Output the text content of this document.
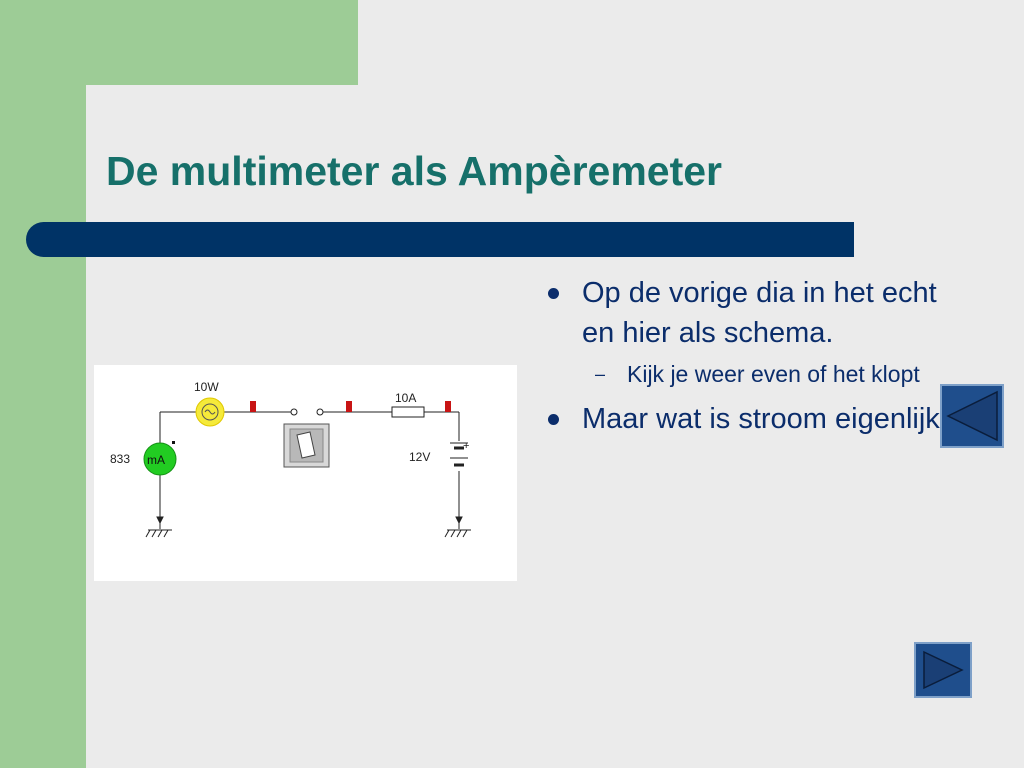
De multimeter als Ampèremeter
10W
10A
mA
833
+
12V
Op de vorige dia in het echt en hier als schema.
– Kijk je weer even of het klopt
Maar wat is stroom eigenlijk
